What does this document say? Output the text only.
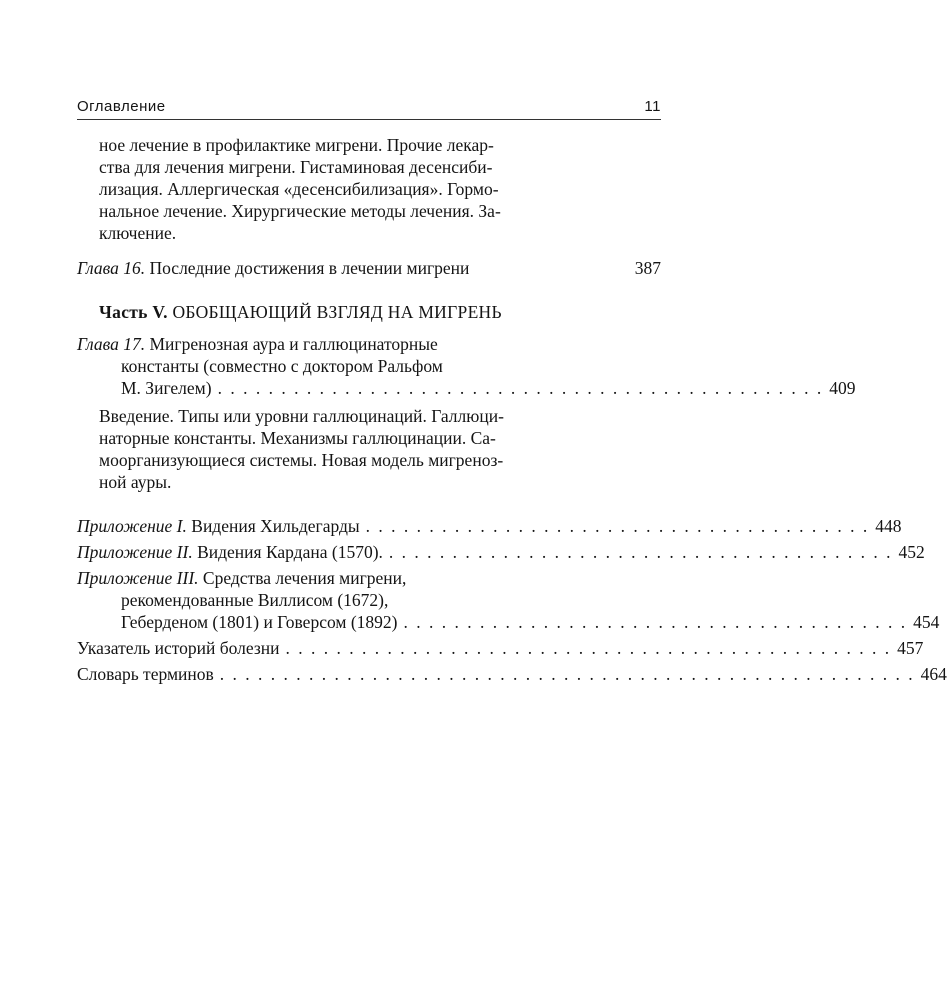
Оглавление	11

ное лечение в профилактике мигрени. Прочие лекар-

ства для лечения мигрени. Гистаминовая десенсиби-

лизация. Аллергическая «десенсибилизация». Гормо-

нальное лечение. Хирургические методы лечения. За-

ключение.

Глава 16. Последние достижения в лечении мигрени	387
Часть V. ОБОБЩАЮЩИЙ ВЗГЛЯД НА МИГРЕНЬ
Глава 17. Мигренозная аура и галлюцинаторные
константы (совместно с доктором Ральфом
М. Зигелем) . . . . . . . . . . . . . . . . . . . . . . . . . . . . . . . . . . . . . . . . . . . . . . . . 409

Введение. Типы или уровни галлюцинаций. Галлюци-

наторные константы. Механизмы галлюцинации. Са-

моорганизующиеся системы. Новая модель мигреноз-

ной ауры.

Приложение I. Видения Хильдегарды . . . . . . . . . . . . . . . . . . . . . . . . . . . . . . . . . . . . . . . . 448
Приложение II. Видения Кардана (1570). . . . . . . . . . . . . . . . . . . . . . . . . . . . . . . . . . . . . . . . . 452
Приложение III. Средства лечения мигрени,
рекомендованные Виллисом (1672),
Геберденом (1801) и Говерсом (1892) . . . . . . . . . . . . . . . . . . . . . . . . . . . . . . . . . . . . . . . . 454
Указатель историй болезни . . . . . . . . . . . . . . . . . . . . . . . . . . . . . . . . . . . . . . . . . . . . . . . . 457
Словарь терминов . . . . . . . . . . . . . . . . . . . . . . . . . . . . . . . . . . . . . . . . . . . . . . . . . . . . . . . 464
